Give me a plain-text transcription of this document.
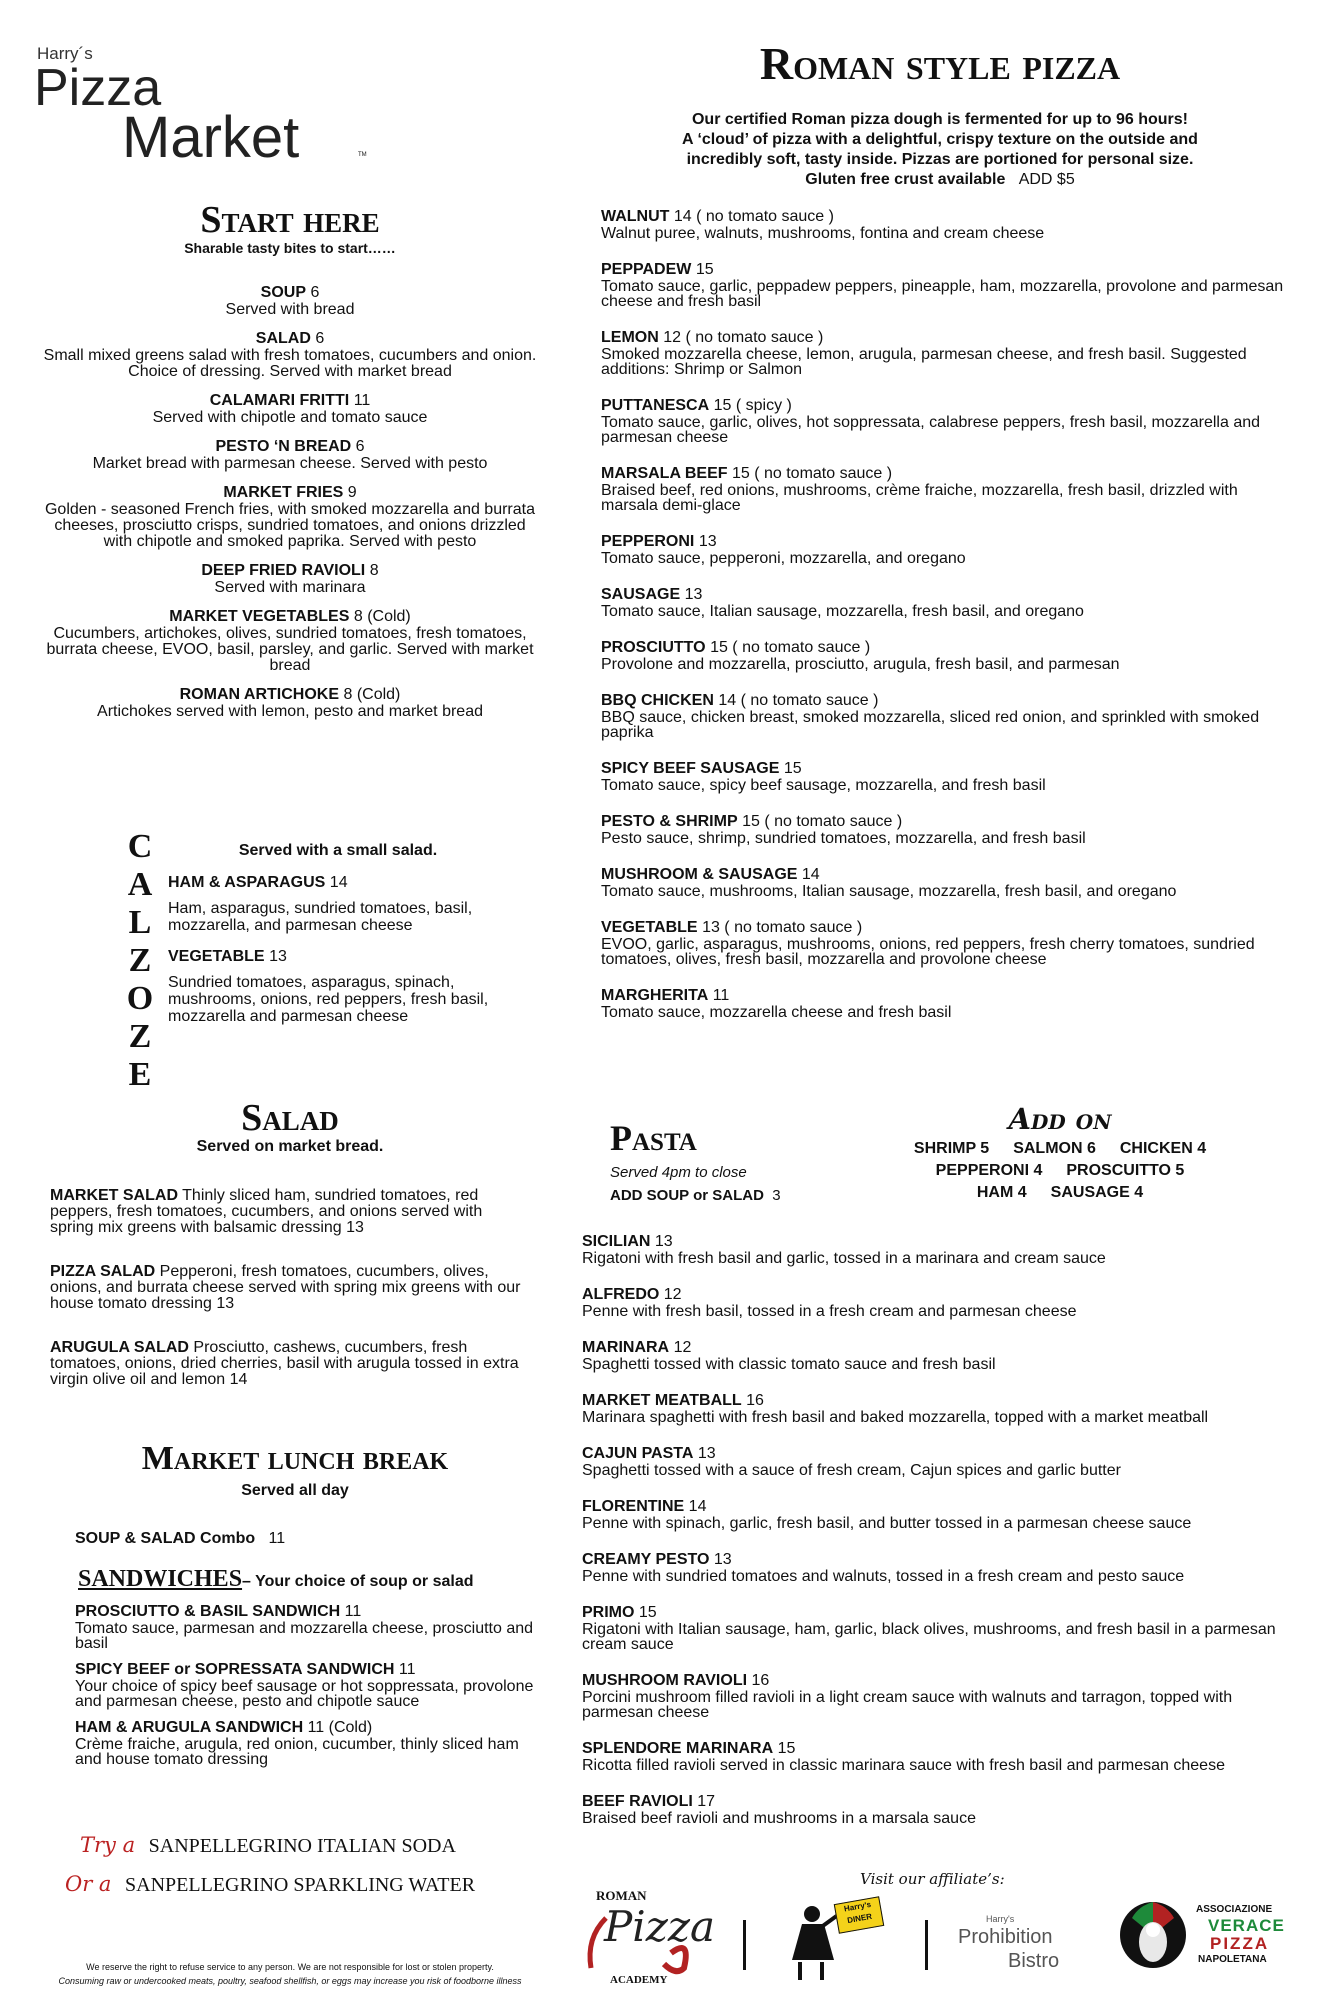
Harry´s
Pizza
Market	TM
Start here
Sharable tasty bites to start……
SOUP 6
Served with bread
SALAD 6
Small mixed greens salad with fresh tomatoes, cucumbers and onion. Choice of dressing. Served with market bread
CALAMARI FRITTI 11
Served with chipotle and tomato sauce
PESTO ‘N BREAD 6
Market bread with parmesan cheese. Served with pesto
MARKET FRIES 9
Golden - seasoned French fries, with smoked mozzarella and burrata cheeses, prosciutto crisps, sundried tomatoes, and onions drizzled with chipotle and smoked paprika. Served with pesto
DEEP FRIED RAVIOLI 8
Served with marinara
MARKET VEGETABLES 8 (Cold)
Cucumbers, artichokes, olives, sundried tomatoes, fresh tomatoes, burrata cheese, EVOO, basil, parsley, and garlic. Served with market bread
ROMAN ARTICHOKE 8 (Cold)
Artichokes served with lemon, pesto and market bread
C
A
L
Z
O
Z
E
Served with a small salad.
HAM & ASPARAGUS 14
Ham, asparagus, sundried tomatoes, basil, mozzarella, and parmesan cheese
VEGETABLE 13
Sundried tomatoes, asparagus, spinach, mushrooms, onions, red peppers, fresh basil, mozzarella and parmesan cheese
Salad
Served on market bread.
MARKET SALAD Thinly sliced ham, sundried tomatoes, red peppers, fresh tomatoes, cucumbers, and onions served with spring mix greens with balsamic dressing 13
PIZZA SALAD Pepperoni, fresh tomatoes, cucumbers, olives, onions, and burrata cheese served with spring mix greens with our house tomato dressing 13
ARUGULA SALAD Prosciutto, cashews, cucumbers, fresh tomatoes, onions, dried cherries, basil with arugula tossed in extra virgin olive oil and lemon 14
Market lunch break
Served all day
SOUP & SALAD Combo 11
SANDWICHES– Your choice of soup or salad
PROSCIUTTO & BASIL SANDWICH 11
Tomato sauce, parmesan and mozzarella cheese, prosciutto and basil
SPICY BEEF or SOPRESSATA SANDWICH 11
Your choice of spicy beef sausage or hot soppressata, provolone and parmesan cheese, pesto and chipotle sauce
HAM & ARUGULA SANDWICH 11 (Cold)
Crème fraiche, arugula, red onion, cucumber, thinly sliced ham and house tomato dressing
Try a SANPELLEGRINO ITALIAN SODA
Or a SANPELLEGRINO SPARKLING WATER
We reserve the right to refuse service to any person. We are not responsible for lost or stolen property.
Consuming raw or undercooked meats, poultry, seafood shellfish, or eggs may increase you risk of foodborne illness
Roman style pizza
Our certified Roman pizza dough is fermented for up to 96 hours!
A ‘cloud’ of pizza with a delightful, crispy texture on the outside and
incredibly soft, tasty inside. Pizzas are portioned for personal size.
Gluten free crust available ADD $5
WALNUT 14 ( no tomato sauce )
Walnut puree, walnuts, mushrooms, fontina and cream cheese
PEPPADEW 15
Tomato sauce, garlic, peppadew peppers, pineapple, ham, mozzarella, provolone and parmesan cheese and fresh basil
LEMON 12 ( no tomato sauce )
Smoked mozzarella cheese, lemon, arugula, parmesan cheese, and fresh basil. Suggested additions: Shrimp or Salmon
PUTTANESCA 15 ( spicy )
Tomato sauce, garlic, olives, hot soppressata, calabrese peppers, fresh basil, mozzarella and parmesan cheese
MARSALA BEEF 15 ( no tomato sauce )
Braised beef, red onions, mushrooms, crème fraiche, mozzarella, fresh basil, drizzled with marsala demi-glace
PEPPERONI 13
Tomato sauce, pepperoni, mozzarella, and oregano
SAUSAGE 13
Tomato sauce, Italian sausage, mozzarella, fresh basil, and oregano
PROSCIUTTO 15 ( no tomato sauce )
Provolone and mozzarella, prosciutto, arugula, fresh basil, and parmesan
BBQ CHICKEN 14 ( no tomato sauce )
BBQ sauce, chicken breast, smoked mozzarella, sliced red onion, and sprinkled with smoked paprika
SPICY BEEF SAUSAGE 15
Tomato sauce, spicy beef sausage, mozzarella, and fresh basil
PESTO & SHRIMP 15 ( no tomato sauce )
Pesto sauce, shrimp, sundried tomatoes, mozzarella, and fresh basil
MUSHROOM & SAUSAGE 14
Tomato sauce, mushrooms, Italian sausage, mozzarella, fresh basil, and oregano
VEGETABLE 13 ( no tomato sauce )
EVOO, garlic, asparagus, mushrooms, onions, red peppers, fresh cherry tomatoes, sundried tomatoes, olives, fresh basil, mozzarella and provolone cheese
MARGHERITA 11
Tomato sauce, mozzarella cheese and fresh basil
Pasta
Served 4pm to close
ADD SOUP or SALAD 3
Add on
SHRIMP 5 SALMON 6 CHICKEN 4
PEPPERONI 4 PROSCUITTO 5
HAM 4 SAUSAGE 4
SICILIAN 13
Rigatoni with fresh basil and garlic, tossed in a marinara and cream sauce
ALFREDO 12
Penne with fresh basil, tossed in a fresh cream and parmesan cheese
MARINARA 12
Spaghetti tossed with classic tomato sauce and fresh basil
MARKET MEATBALL 16
Marinara spaghetti with fresh basil and baked mozzarella, topped with a market meatball
CAJUN PASTA 13
Spaghetti tossed with a sauce of fresh cream, Cajun spices and garlic butter
FLORENTINE 14
Penne with spinach, garlic, fresh basil, and butter tossed in a parmesan cheese sauce
CREAMY PESTO 13
Penne with sundried tomatoes and walnuts, tossed in a fresh cream and pesto sauce
PRIMO 15
Rigatoni with Italian sausage, ham, garlic, black olives, mushrooms, and fresh basil in a parmesan cream sauce
MUSHROOM RAVIOLI 16
Porcini mushroom filled ravioli in a light cream sauce with walnuts and tarragon, topped with parmesan cheese
SPLENDORE MARINARA 15
Ricotta filled ravioli served in classic marinara sauce with fresh basil and parmesan cheese
BEEF RAVIOLI 17
Braised beef ravioli and mushrooms in a marsala sauce
Visit our affiliate’s:
ROMAN
Pizza
ACADEMY
Harry's DINER	Harry's
Prohibition
Bistro
ASSOCIAZIONE
VERACE
PIZZA
NAPOLETANA
